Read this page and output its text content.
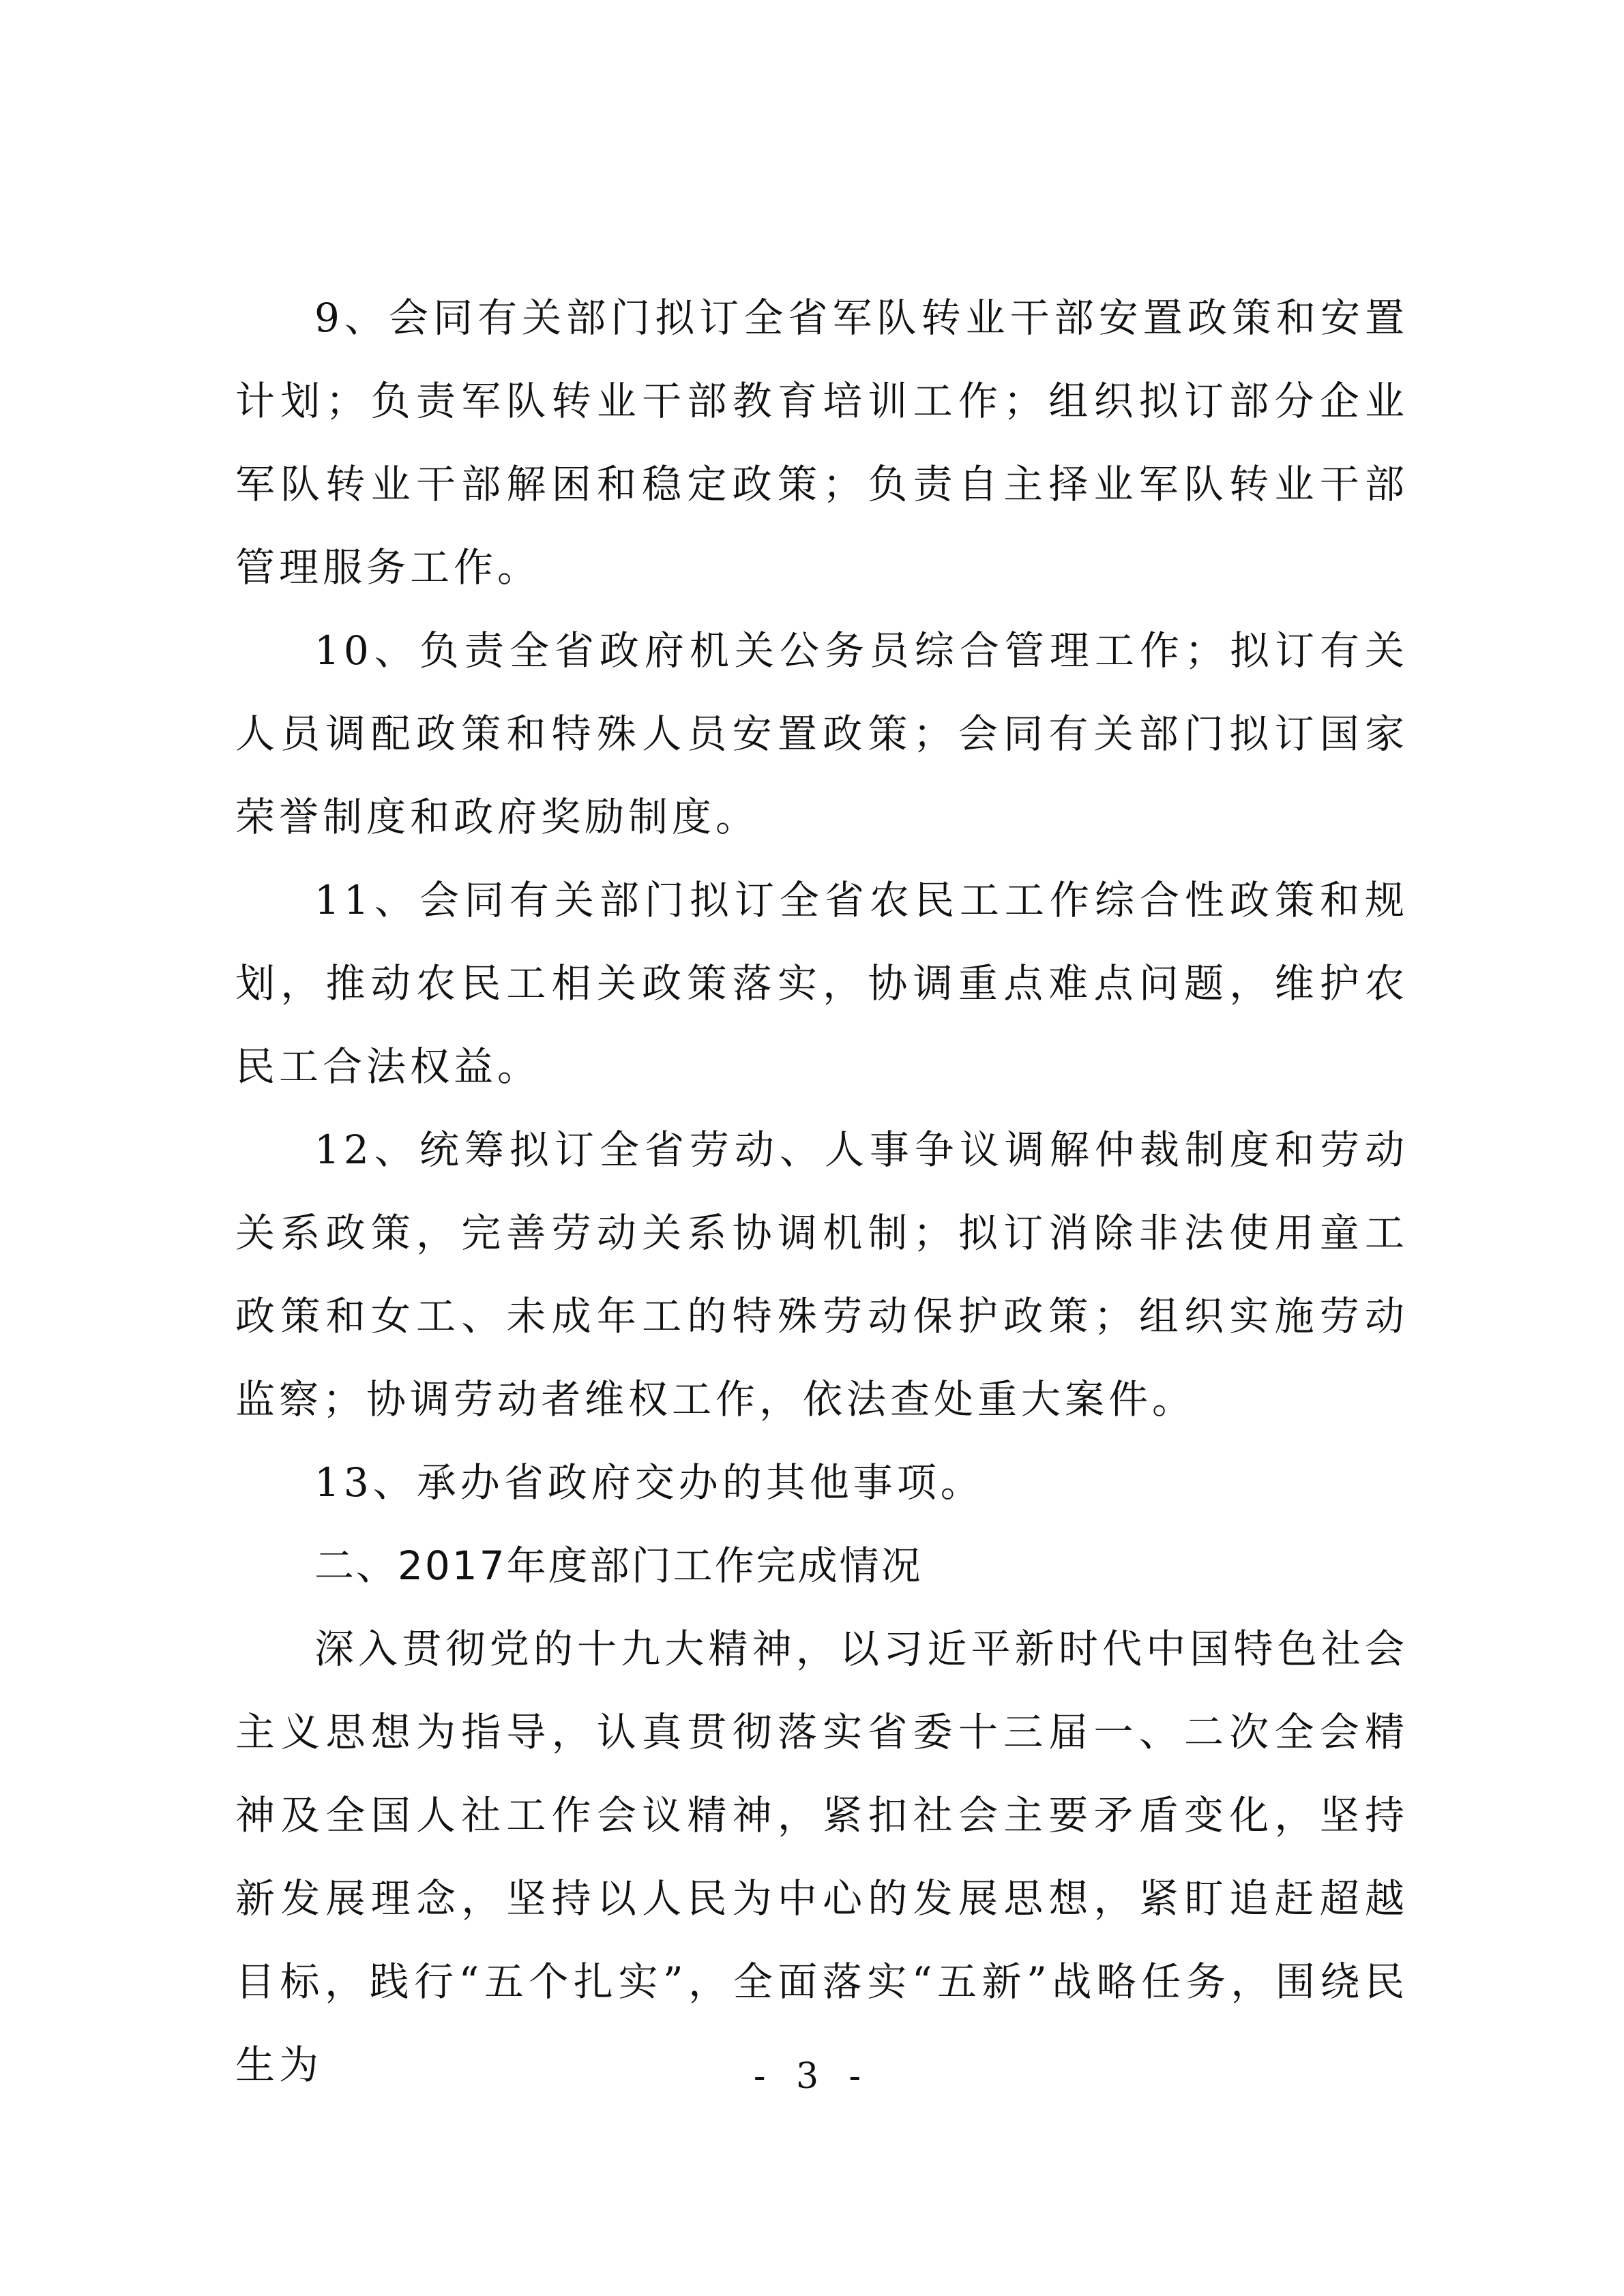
9、会同有关部门拟订全省军队转业干部安置政策和安置计划；负责军队转业干部教育培训工作；组织拟订部分企业军队转业干部解困和稳定政策；负责自主择业军队转业干部管理服务工作。

10、负责全省政府机关公务员综合管理工作；拟订有关人员调配政策和特殊人员安置政策；会同有关部门拟订国家荣誉制度和政府奖励制度。

11、会同有关部门拟订全省农民工工作综合性政策和规划，推动农民工相关政策落实，协调重点难点问题，维护农民工合法权益。

12、统筹拟订全省劳动、人事争议调解仲裁制度和劳动关系政策，完善劳动关系协调机制；拟订消除非法使用童工政策和女工、未成年工的特殊劳动保护政策；组织实施劳动监察；协调劳动者维权工作，依法查处重大案件。

13、承办省政府交办的其他事项。

二、2017年度部门工作完成情况

深入贯彻党的十九大精神，以习近平新时代中国特色社会主义思想为指导，认真贯彻落实省委十三届一、二次全会精神及全国人社工作会议精神，紧扣社会主要矛盾变化，坚持新发展理念，坚持以人民为中心的发展思想，紧盯追赶超越目标，践行“五个扎实”，全面落实“五新”战略任务，围绕民生为	- 3 -
